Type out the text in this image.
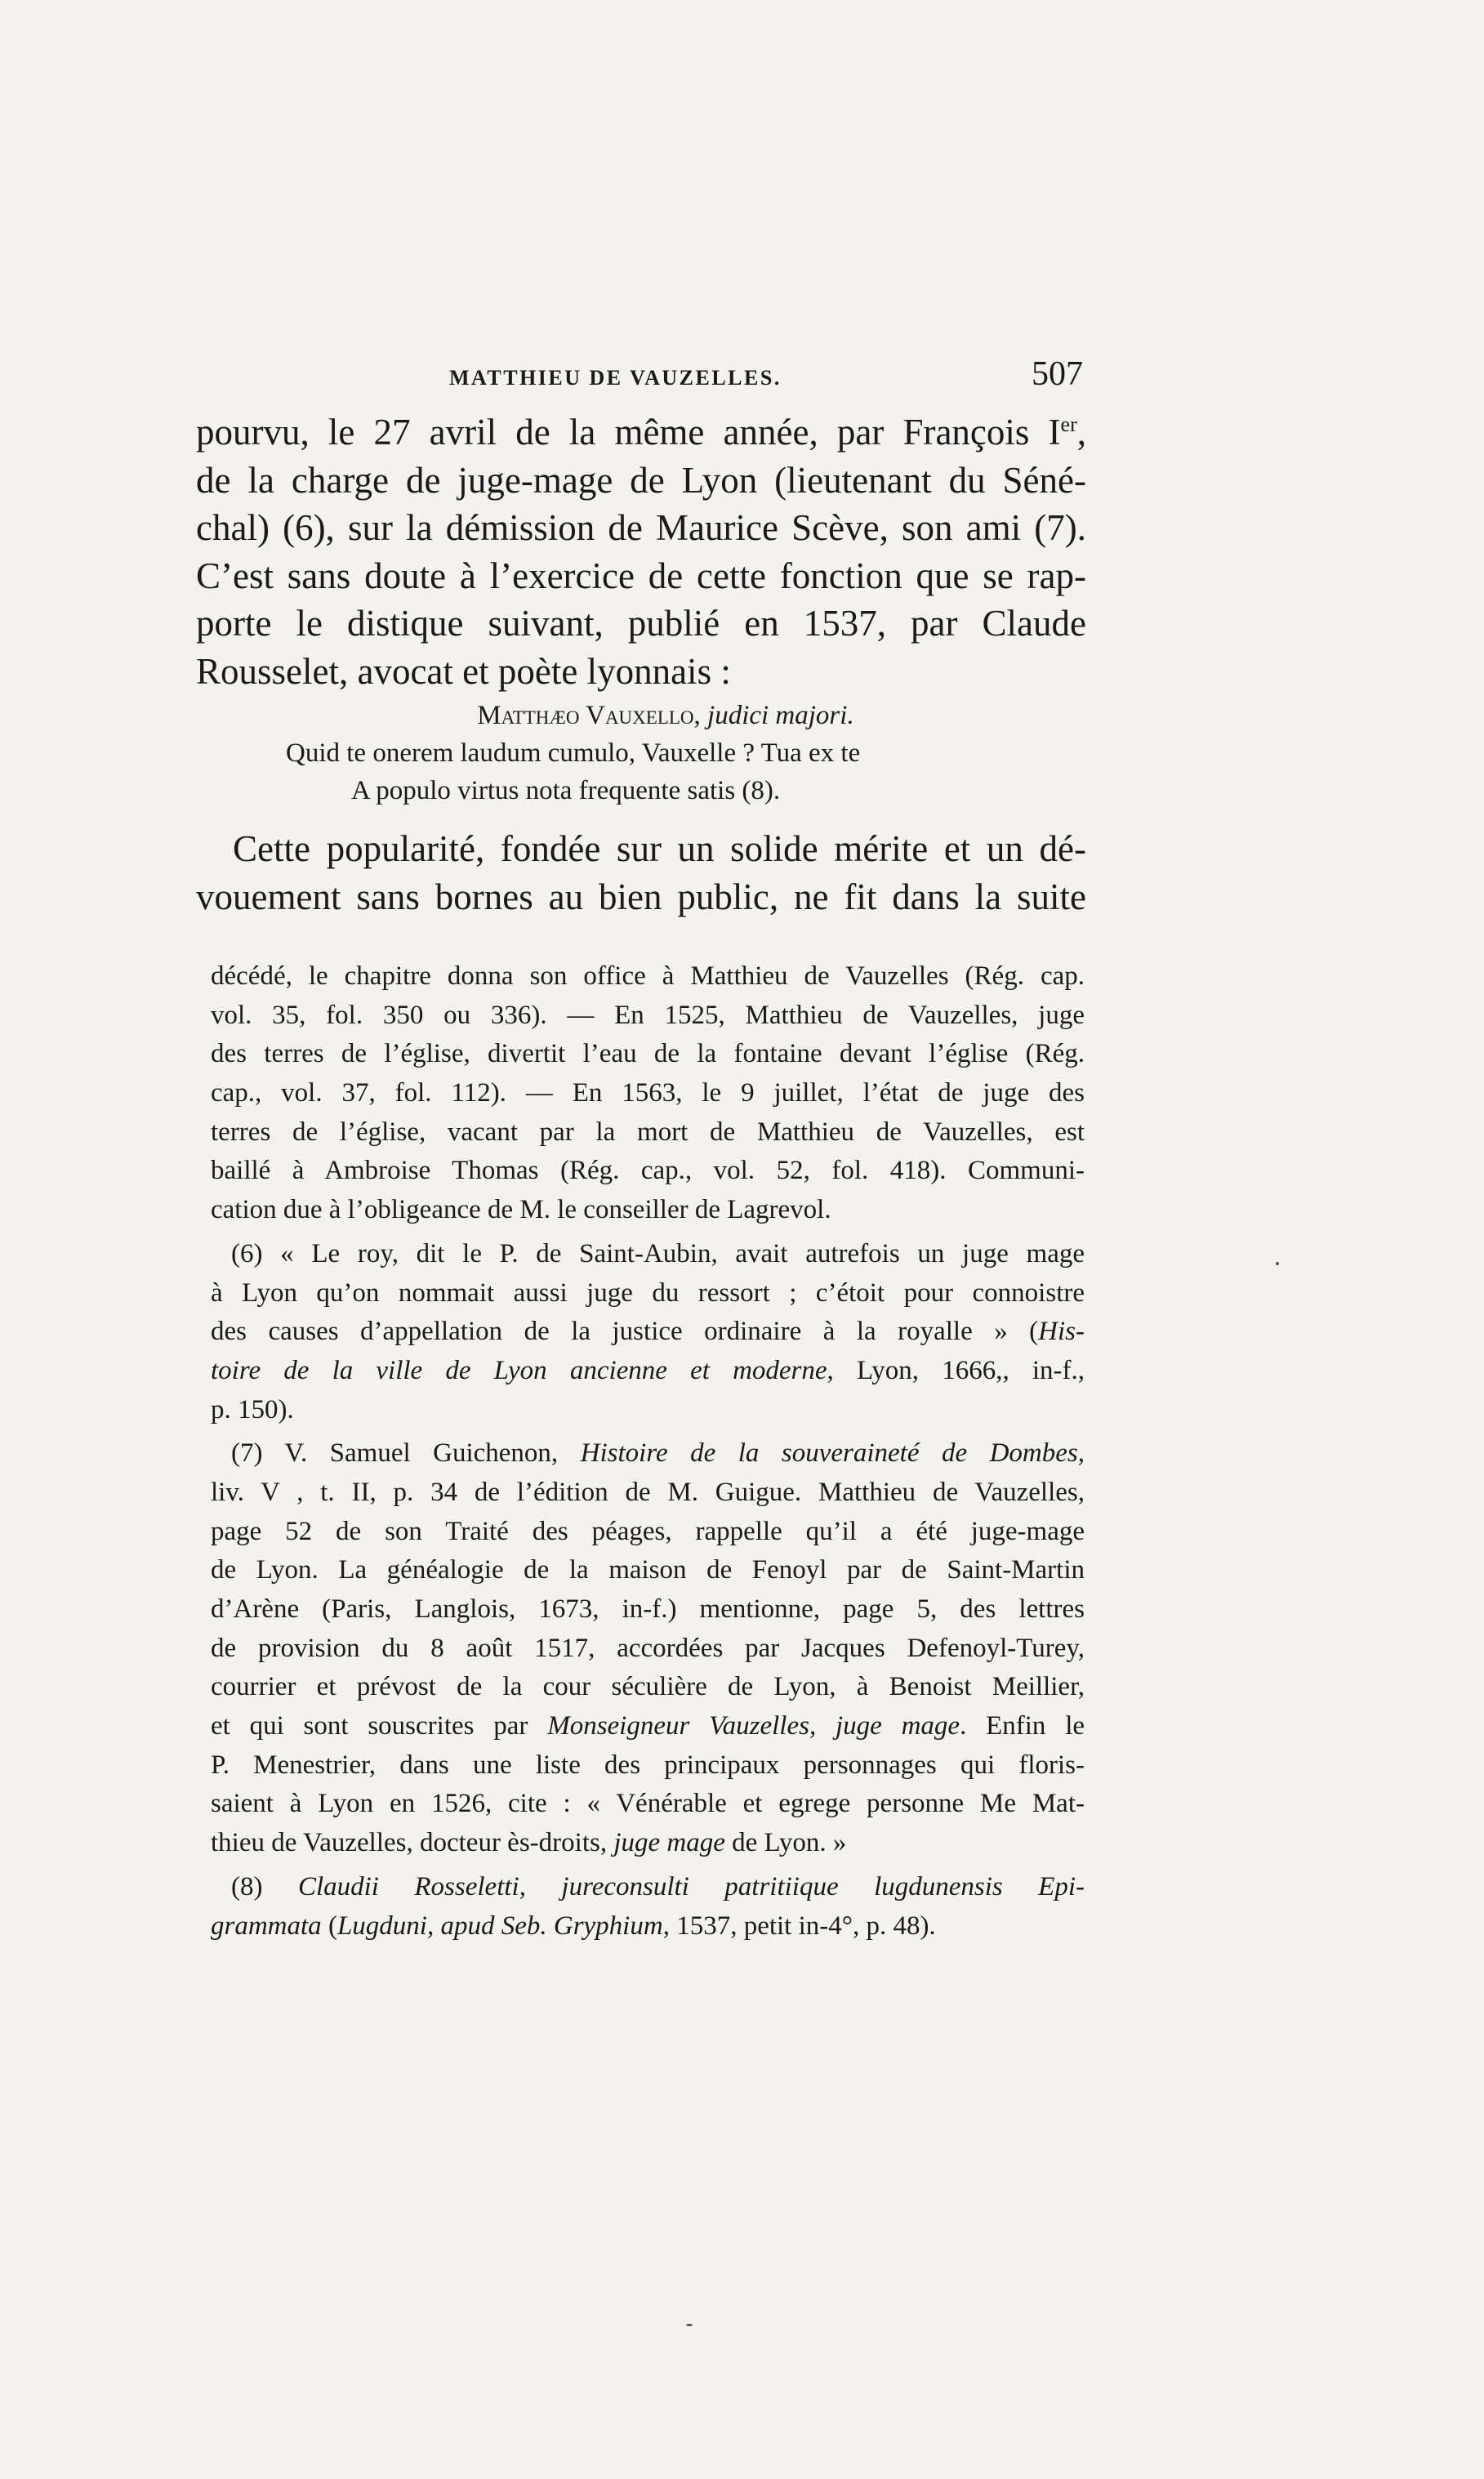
MATTHIEU DE VAUZELLES.	507
pourvu, le 27 avril de la même année, par François Ier,
de la charge de juge-mage de Lyon (lieutenant du Séné-
chal) (6), sur la démission de Maurice Scève, son ami (7).
C’est sans doute à l’exercice de cette fonction que se rap-
porte le distique suivant, publié en 1537, par Claude
Rousselet, avocat et poète lyonnais :
Matthæo Vauxello, judici majori.
Quid te onerem laudum cumulo, Vauxelle ? Tua ex te
A populo virtus nota frequente satis (8).
Cette popularité, fondée sur un solide mérite et un dé-
vouement sans bornes au bien public, ne fit dans la suite
décédé, le chapitre donna son office à Matthieu de Vauzelles (Rég. cap.
vol. 35, fol. 350 ou 336). — En 1525, Matthieu de Vauzelles, juge
des terres de l’église, divertit l’eau de la fontaine devant l’église (Rég.
cap., vol. 37, fol. 112). — En 1563, le 9 juillet, l’état de juge des
terres de l’église, vacant par la mort de Matthieu de Vauzelles, est
baillé à Ambroise Thomas (Rég. cap., vol. 52, fol. 418). Communi-
cation due à l’obligeance de M. le conseiller de Lagrevol.
(6) « Le roy, dit le P. de Saint-Aubin, avait autrefois un juge mage
à Lyon qu’on nommait aussi juge du ressort ; c’étoit pour connoistre
des causes d’appellation de la justice ordinaire à la royalle » (His-
toire de la ville de Lyon ancienne et moderne, Lyon, 1666,, in-f.,
p. 150).
(7) V. Samuel Guichenon, Histoire de la souveraineté de Dombes,
liv. V , t. II, p. 34 de l’édition de M. Guigue. Matthieu de Vauzelles,
page 52 de son Traité des péages, rappelle qu’il a été juge-mage
de Lyon. La généalogie de la maison de Fenoyl par de Saint-Martin
d’Arène (Paris, Langlois, 1673, in-f.) mentionne, page 5, des lettres
de provision du 8 août 1517, accordées par Jacques Defenoyl-Turey,
courrier et prévost de la cour séculière de Lyon, à Benoist Meillier,
et qui sont souscrites par Monseigneur Vauzelles, juge mage. Enfin le
P. Menestrier, dans une liste des principaux personnages qui floris-
saient à Lyon en 1526, cite : « Vénérable et egrege personne Me Mat-
thieu de Vauzelles, docteur ès-droits, juge mage de Lyon. »
(8) Claudii Rosseletti, jureconsulti patritiique lugdunensis Epi-
grammata (Lugduni, apud Seb. Gryphium, 1537, petit in-4°, p. 48).
